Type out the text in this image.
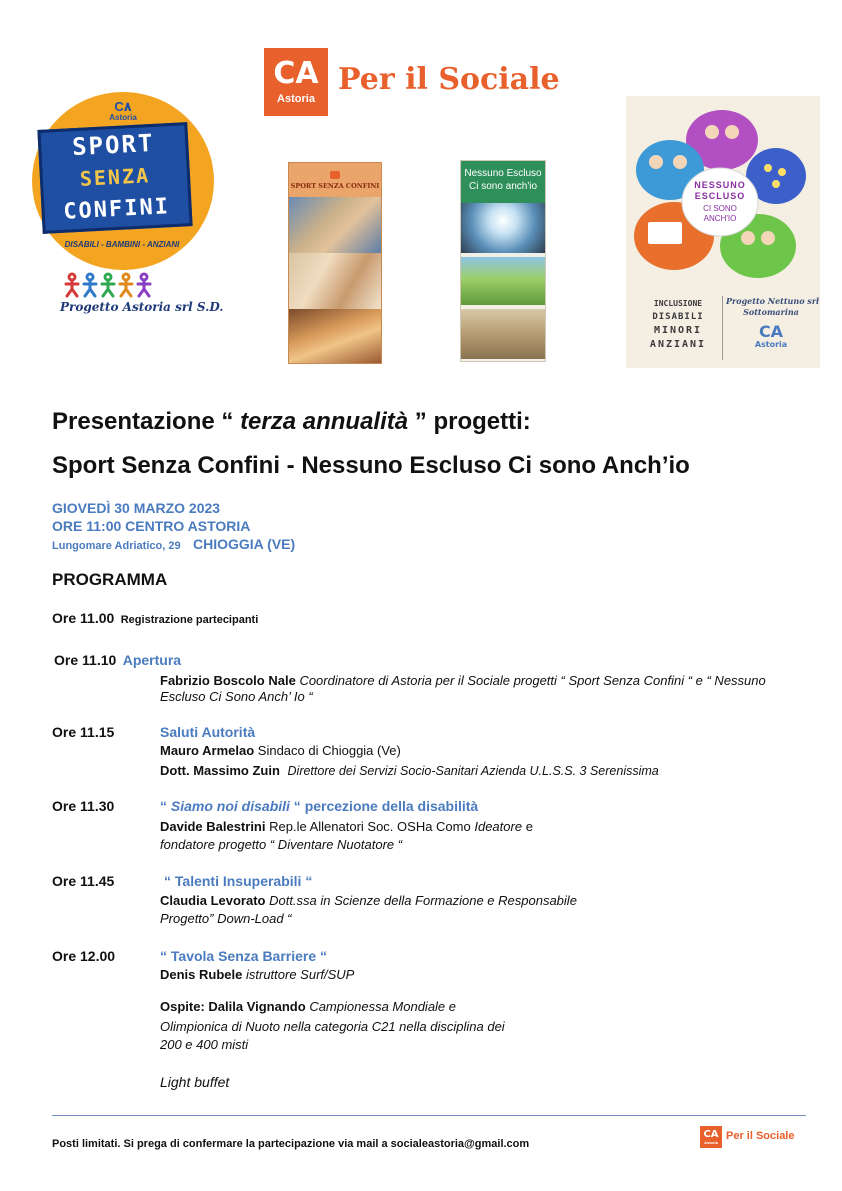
CA
Astoria
Per il Sociale
C٨
Astoria
SPORT
SENZA
CONFINI
DISABILI - BAMBINI - ANZIANI
Progetto Astoria srl S.D.
SPORT SENZA CONFINI
Nessuno Escluso
Ci sono anch'io	NESSUNO
ESCLUSO
CI SONO
ANCH'IO
INCLUSIONE
DISABILI
MINORI
ANZIANI
Progetto Nettuno srl
Sottomarina
CA
Astoria
Presentazione “ terza annualità ” progetti:
Sport Senza Confini - Nessuno Escluso Ci sono Anch’io
GIOVEDÌ 30 MARZO 2023
ORE 11:00 CENTRO ASTORIA
Lungomare Adriatico, 29 CHIOGGIA (VE)
PROGRAMMA
Ore 11.00 Registrazione partecipanti
Ore 11.10 Apertura
Fabrizio Boscolo Nale Coordinatore di Astoria per il Sociale progetti “ Sport Senza Confini “ e “ Nessuno
Escluso Ci Sono Anch’ Io “
Ore 11.15	Saluti Autorità
Mauro Armelao Sindaco di Chioggia (Ve)
Dott. Massimo Zuin Direttore dei Servizi Socio-Sanitari Azienda U.L.S.S. 3 Serenissima
Ore 11.30	“ Siamo noi disabili “ percezione della disabilità
Davide Balestrini Rep.le Allenatori Soc. OSHa Como Ideatore e
fondatore progetto “ Diventare Nuotatore “
Ore 11.45	“ Talenti Insuperabili “
Claudia Levorato Dott.ssa in Scienze della Formazione e Responsabile
Progetto” Down-Load “
Ore 12.00	“ Tavola Senza Barriere “
Denis Rubele istruttore Surf/SUP
Ospite: Dalila Vignando Campionessa Mondiale e
Olimpionica di Nuoto nella categoria C21 nella disciplina dei
200 e 400 misti
Light buffet
Posti limitati. Si prega di confermare la partecipazione via mail a socialeastoria@gmail.com
CA
Astoria Per il Sociale
